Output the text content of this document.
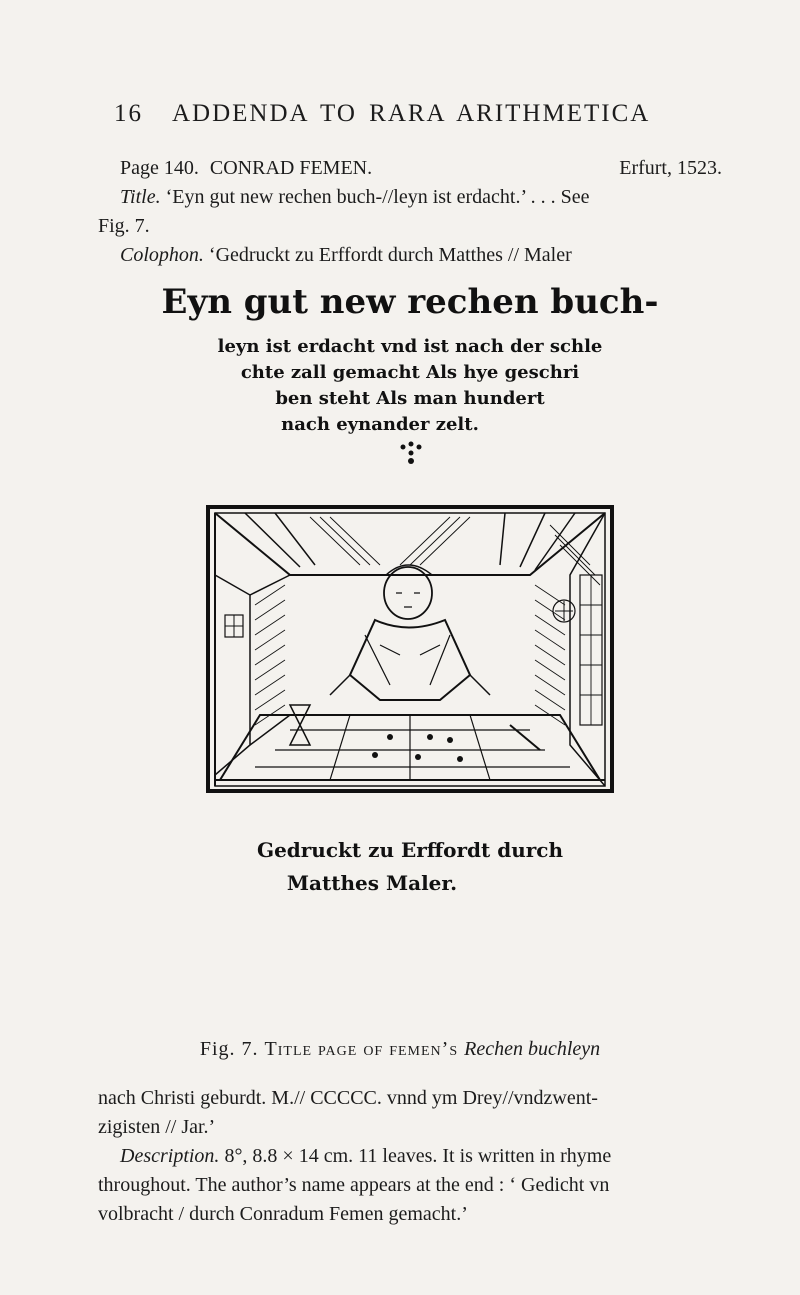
16 ADDENDA TO RARA ARITHMETICA
Page 140. CONRAD FEMEN.	Erfurt, 1523.
Title. ‘Eyn gut new rechen buch-//leyn ist erdacht.’ . . . See
Fig. 7.
Colophon. ‘Gedruckt zu Erffordt durch Matthes // Maler
Eyn gut new rechen buch-
leyn ist erdacht vnd ist nach der schle
chte zall gemacht Als hye geschri
ben steht Als man hundert
nach eynander zelt.
Gedruckt zu Erffordt durch
Matthes Maler.
Fig. 7. Title page of femen’s Rechen buchleyn
nach Christi geburdt. M.// CCCCC. vnnd ym Drey//vndzwent-
zigisten // Jar.’
Description. 8°, 8.8 × 14 cm. 11 leaves. It is written in rhyme
throughout. The author’s name appears at the end : ‘ Gedicht vn
volbracht / durch Conradum Femen gemacht.’
